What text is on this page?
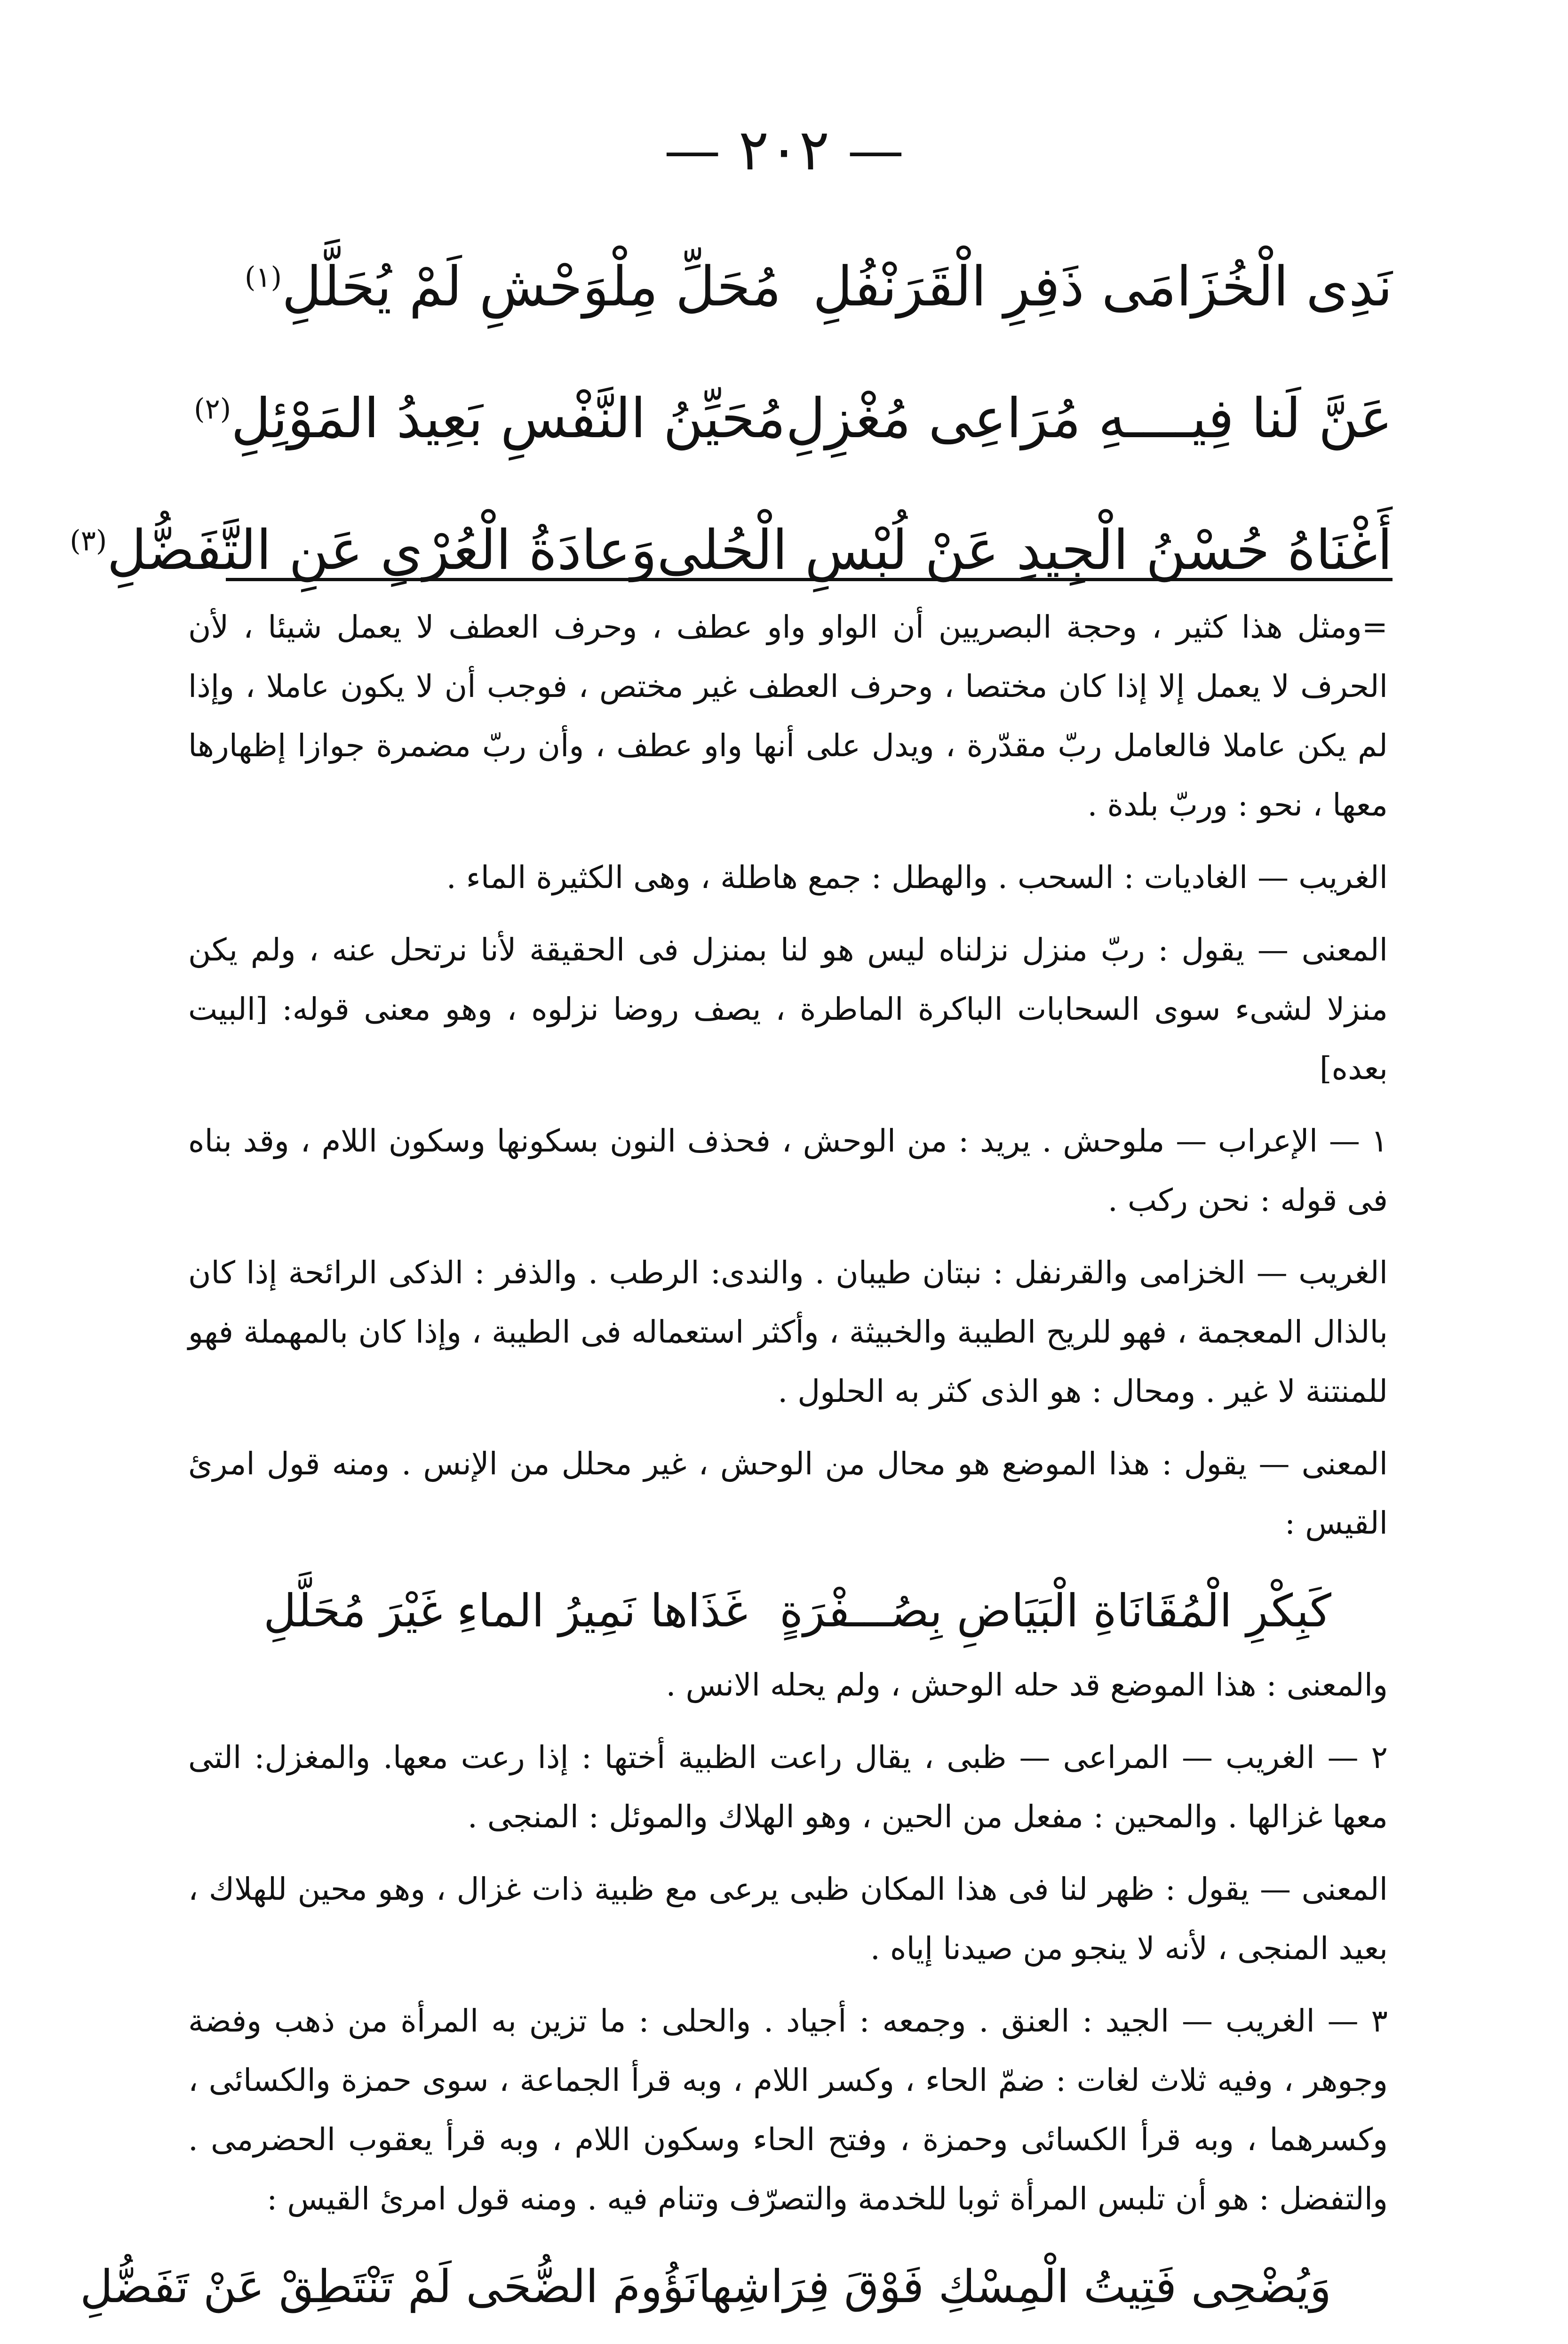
— ٢٠٢ —
نَدِى الْخُزَامَى ذَفِرِ الْقَرَنْفُلِ
مُحَلِّ مِلْوَحْشِ لَمْ يُحَلَّلِ$^{(١)}$
عَنَّ لَنا فِيــــهِ مُرَاعِى مُغْزِلِ
مُحَيِّنُ النَّفْسِ بَعِيدُ المَوْئِلِ$^{(٢)}$
أَغْنَاهُ حُسْنُ الْجِيدِ عَنْ لُبْسِ الْحُلى
وَعادَةُ الْعُرْىِ عَنِ التَّفَضُّلِ$^{(٣)}$

=ومثل هذا كثير ، وحجة البصريين أن الواو واو عطف ، وحرف العطف لا يعمل شيئا ، لأن الحرف لا يعمل إلا إذا كان مختصا ، وحرف العطف غير مختص ، فوجب أن لا يكون عاملا ، وإذا لم يكن عاملا فالعامل ربّ مقدّرة ، ويدل على أنها واو عطف ، وأن ربّ مضمرة جوازا إظهارها معها ، نحو : وربّ بلدة .

الغريب — الغاديات : السحب . والهطل : جمع هاطلة ، وهى الكثيرة الماء .

المعنى — يقول : ربّ منزل نزلناه ليس هو لنا بمنزل فى الحقيقة لأنا نرتحل عنه ، ولم يكن منزلا لشىء سوى السحابات الباكرة الماطرة ، يصف روضا نزلوه ، وهو معنى قوله: [البيت بعده]

١ — الإعراب — ملوحش . يريد : من الوحش ، فحذف النون بسكونها وسكون اللام ، وقد بناه فى قوله : نحن ركب .

الغريب — الخزامى والقرنفل : نبتان طيبان . والندى: الرطب . والذفر : الذكى الرائحة إذا كان بالذال المعجمة ، فهو للريح الطيبة والخبيثة ، وأكثر استعماله فى الطيبة ، وإذا كان بالمهملة فهو للمنتنة لا غير . ومحال : هو الذى كثر به الحلول .

المعنى — يقول : هذا الموضع هو محال من الوحش ، غير محلل من الإنس . ومنه قول امرئ القيس :

كَبِكْرِ الْمُقَانَاةِ الْبَيَاضِ بِصُـــفْرَةٍ
غَذَاها نَمِيرُ الماءِ غَيْرَ مُحَلَّلِ

والمعنى : هذا الموضع قد حله الوحش ، ولم يحله الانس .

٢ — الغريب — المراعى — ظبى ، يقال راعت الظبية أختها : إذا رعت معها. والمغزل: التى معها غزالها . والمحين : مفعل من الحين ، وهو الهلاك والموئل : المنجى .

المعنى — يقول : ظهر لنا فى هذا المكان ظبى يرعى مع ظبية ذات غزال ، وهو محين للهلاك ، بعيد المنجى ، لأنه لا ينجو من صيدنا إياه .

٣ — الغريب — الجيد : العنق . وجمعه : أجياد . والحلى : ما تزين به المرأة من ذهب وفضة وجوهر ، وفيه ثلاث لغات : ضمّ الحاء ، وكسر اللام ، وبه قرأ الجماعة ، سوى حمزة والكسائى ، وكسرهما ، وبه قرأ الكسائى وحمزة ، وفتح الحاء وسكون اللام ، وبه قرأ يعقوب الحضرمى . والتفضل : هو أن تلبس المرأة ثوبا للخدمة والتصرّف وتنام فيه . ومنه قول امرئ القيس :

وَيُضْحِى فَتِيتُ الْمِسْكِ فَوْقَ فِرَاشِها
نَؤُومَ الضُّحَى لَمْ تَنْتَطِقْ عَنْ تَفَضُّلِ
